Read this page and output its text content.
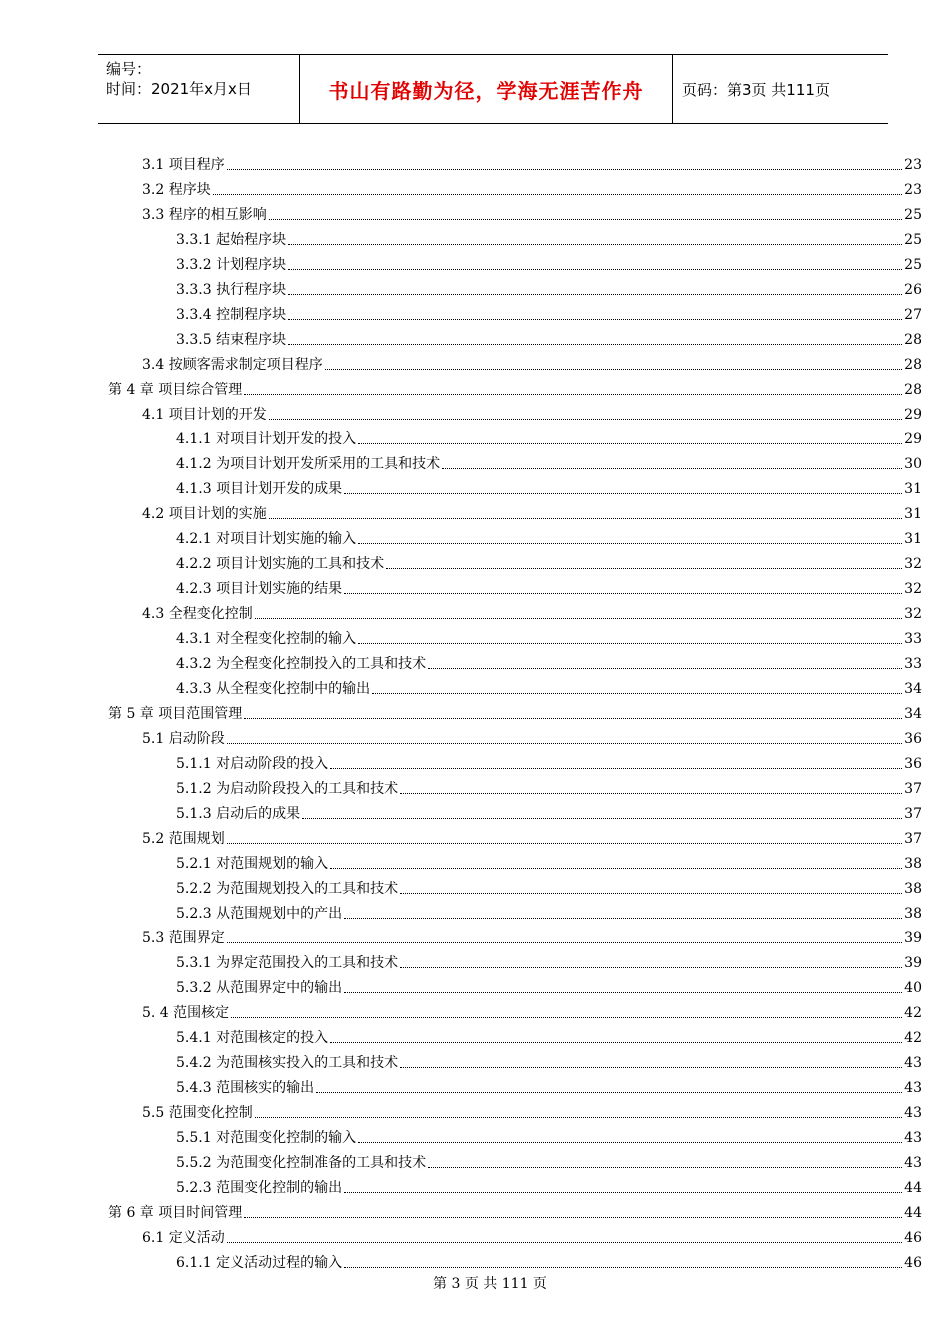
编号：
时间：2021年x月x日	书山有路勤为径，学海无涯苦作舟	页码：第3页 共111页
3.1 项目程序	23
3.2 程序块	23
3.3 程序的相互影响	25
3.3.1 起始程序块	25
3.3.2 计划程序块	25
3.3.3 执行程序块	26
3.3.4 控制程序块	27
3.3.5 结束程序块	28
3.4 按顾客需求制定项目程序	28
第 4 章 项目综合管理	28
4.1 项目计划的开发	29
4.1.1 对项目计划开发的投入	29
4.1.2 为项目计划开发所采用的工具和技术	30
4.1.3 项目计划开发的成果	31
4.2 项目计划的实施	31
4.2.1 对项目计划实施的输入	31
4.2.2 项目计划实施的工具和技术	32
4.2.3 项目计划实施的结果	32
4.3 全程变化控制	32
4.3.1 对全程变化控制的输入	33
4.3.2 为全程变化控制投入的工具和技术	33
4.3.3 从全程变化控制中的输出	34
第 5 章 项目范围管理	34
5.1 启动阶段	36
5.1.1 对启动阶段的投入	36
5.1.2 为启动阶段投入的工具和技术	37
5.1.3 启动后的成果	37
5.2 范围规划	37
5.2.1 对范围规划的输入	38
5.2.2 为范围规划投入的工具和技术	38
5.2.3 从范围规划中的产出	38
5.3 范围界定	39
5.3.1 为界定范围投入的工具和技术	39
5.3.2 从范围界定中的输出	40
5. 4 范围核定	42
5.4.1 对范围核定的投入	42
5.4.2 为范围核实投入的工具和技术	43
5.4.3 范围核实的输出	43
5.5 范围变化控制	43
5.5.1 对范围变化控制的输入	43
5.5.2 为范围变化控制准备的工具和技术	43
5.2.3 范围变化控制的输出	44
第 6 章 项目时间管理	44
6.1 定义活动	46
6.1.1 定义活动过程的输入	46
第 3 页 共 111 页
